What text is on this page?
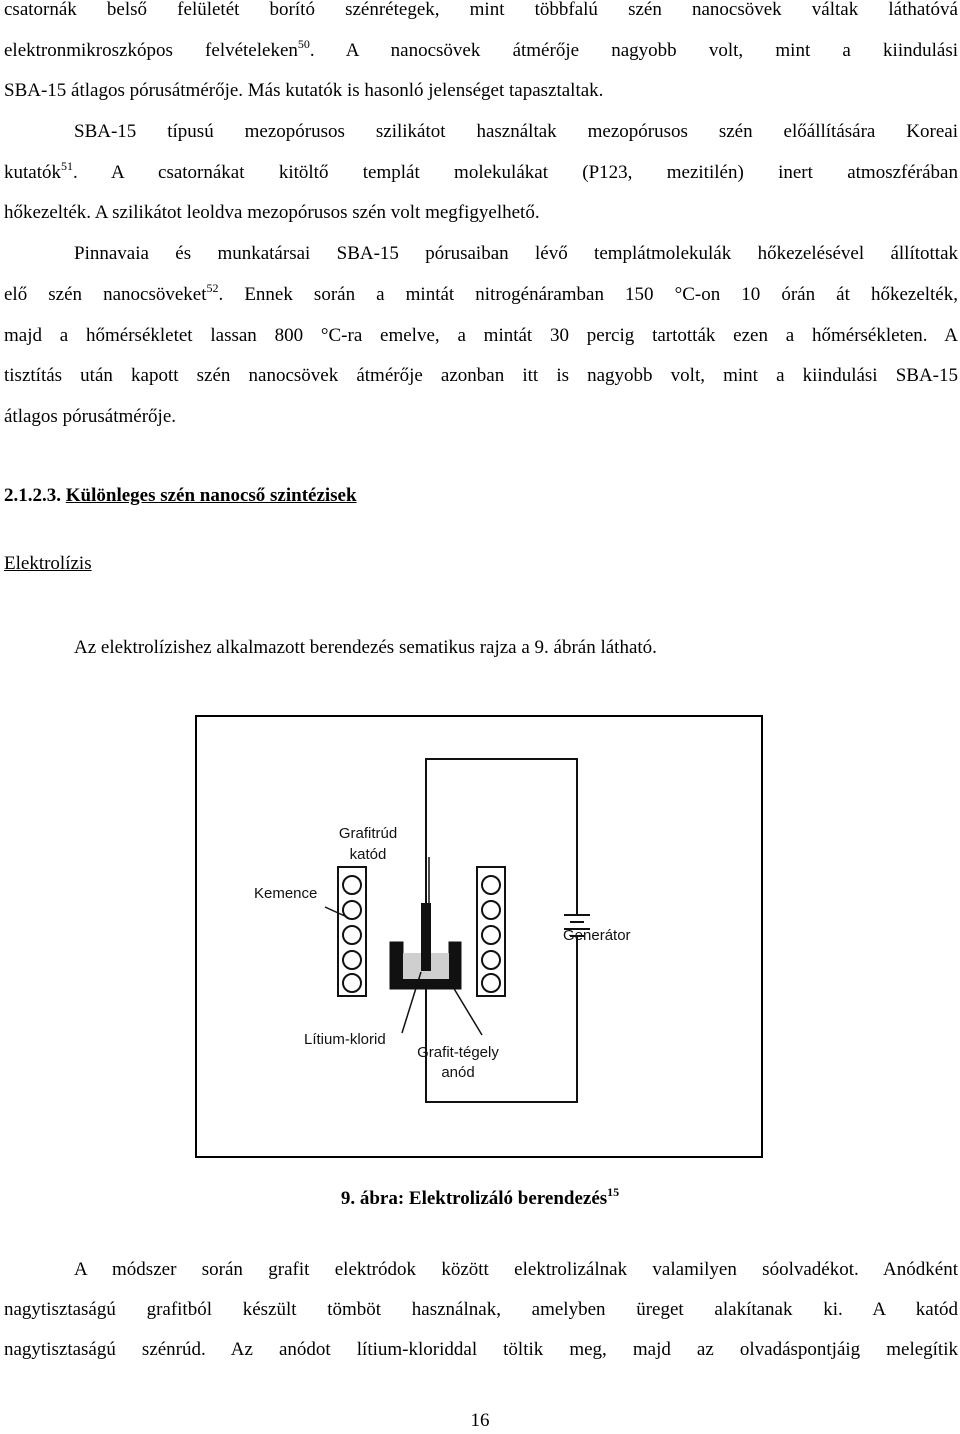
csatornák belső felületét borító szénrétegek, mint többfalú szén nanocsövek váltak láthatóvá
elektronmikroszkópos felvételeken$^{50}$. A nanocsövek átmérője nagyobb volt, mint a kiindulási
SBA-15 átlagos pórusátmérője. Más kutatók is hasonló jelenséget tapasztaltak.
SBA-15 típusú mezopórusos szilikátot használtak mezopórusos szén előállítására Koreai
kutatók$^{51}$. A csatornákat kitöltő templát molekulákat (P123, mezitilén) inert atmoszférában
hőkezelték. A szilikátot leoldva mezopórusos szén volt megfigyelhető.
Pinnavaia és munkatársai SBA-15 pórusaiban lévő templátmolekulák hőkezelésével állítottak
elő szén nanocsöveket$^{52}$. Ennek során a mintát nitrogénáramban 150 °C-on 10 órán át hőkezelték,
majd a hőmérsékletet lassan 800 °C-ra emelve, a mintát 30 percig tartották ezen a hőmérsékleten. A
tisztítás után kapott szén nanocsövek átmérője azonban itt is nagyobb volt, mint a kiindulási SBA-15
átlagos pórusátmérője.
2.1.2.3. Különleges szén nanocső szintézisek
Elektrolízis
Az elektrolízishez alkalmazott berendezés sematikus rajza a 9. ábrán látható.
Grafitrúd
katód
Kemence
Generátor
Lítium-klorid
Grafit-tégely
anód
9. ábra: Elektrolizáló berendezés$^{15}$
A módszer során grafit elektródok között elektrolizálnak valamilyen sóolvadékot. Anódként
nagytisztaságú grafitból készült tömböt használnak, amelyben üreget alakítanak ki. A katód
nagytisztaságú szénrúd. Az anódot lítium-kloriddal töltik meg, majd az olvadáspontjáig melegítik
16
